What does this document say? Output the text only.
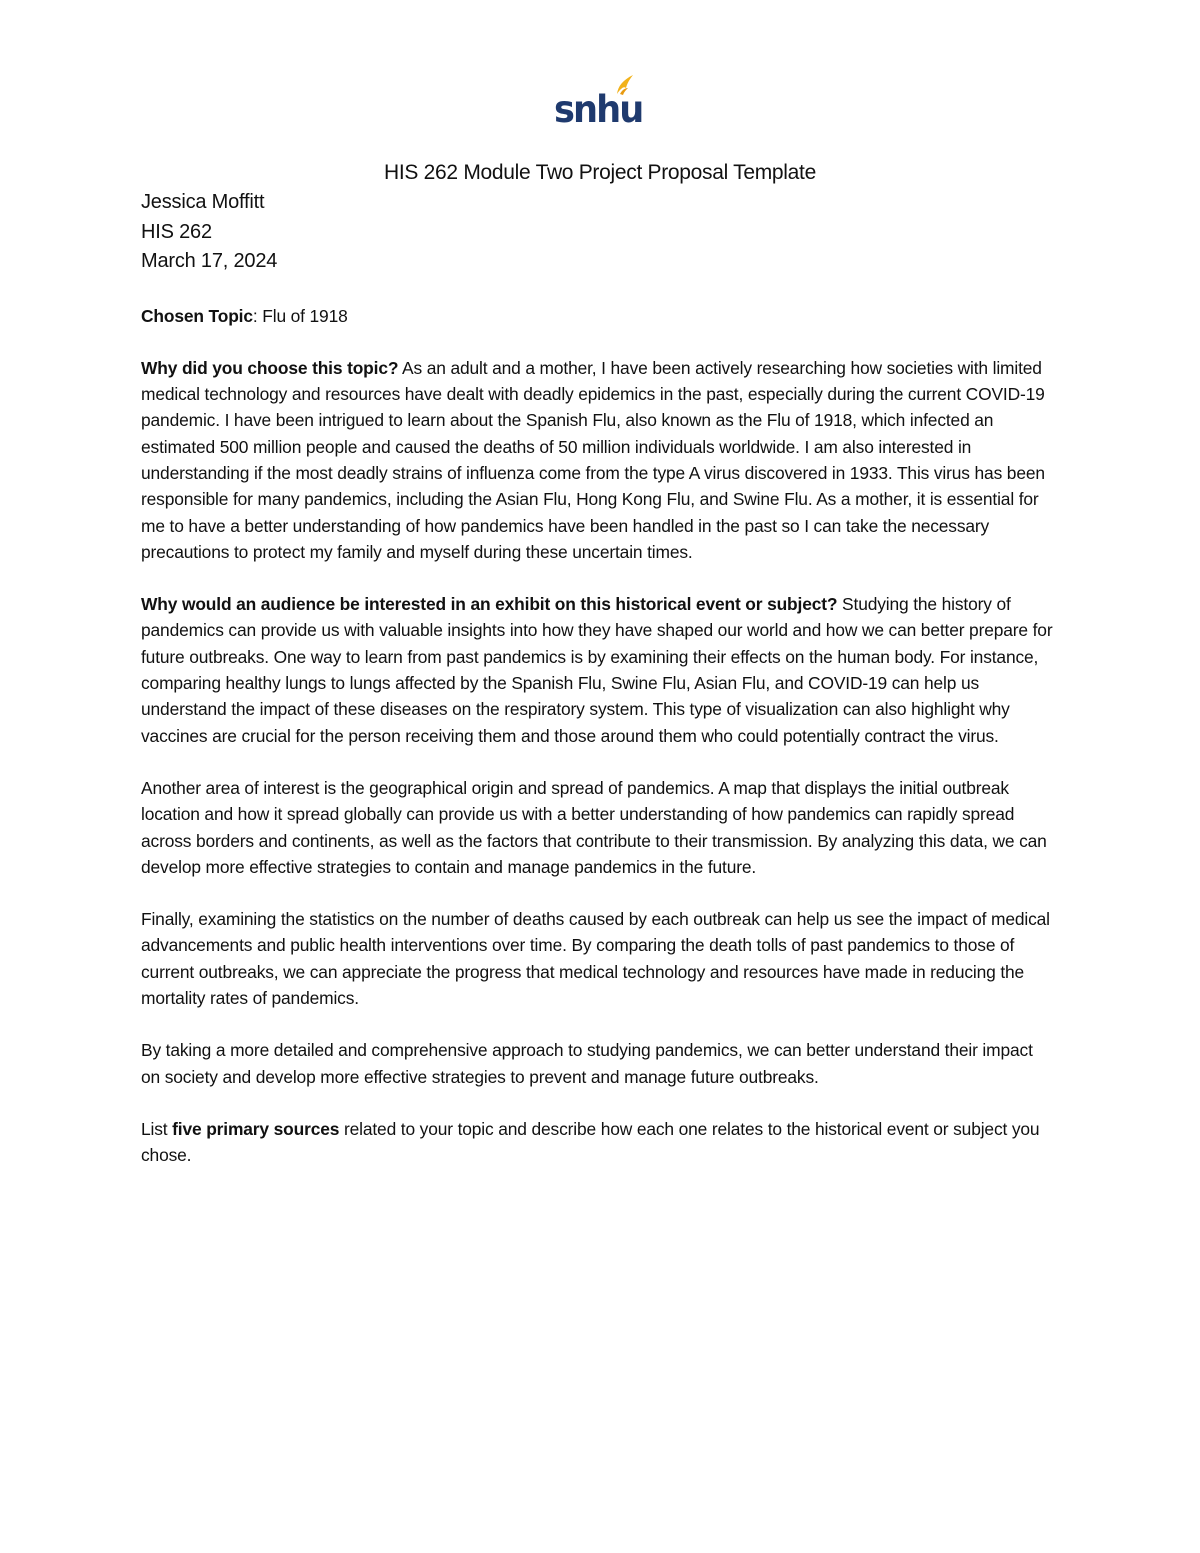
snhu
HIS 262 Module Two Project Proposal Template
Jessica Moffitt
HIS 262
March 17, 2024

Chosen Topic: Flu of 1918

Why did you choose this topic? As an adult and a mother, I have been actively researching how societies with limited medical technology and resources have dealt with deadly epidemics in the past, especially during the current COVID-19 pandemic. I have been intrigued to learn about the Spanish Flu, also known as the Flu of 1918, which infected an estimated 500 million people and caused the deaths of 50 million individuals worldwide. I am also interested in understanding if the most deadly strains of influenza come from the type A virus discovered in 1933. This virus has been responsible for many pandemics, including the Asian Flu, Hong Kong Flu, and Swine Flu. As a mother, it is essential for me to have a better understanding of how pandemics have been handled in the past so I can take the necessary precautions to protect my family and myself during these uncertain times.

Why would an audience be interested in an exhibit on this historical event or subject? Studying the history of pandemics can provide us with valuable insights into how they have shaped our world and how we can better prepare for future outbreaks. One way to learn from past pandemics is by examining their effects on the human body. For instance, comparing healthy lungs to lungs affected by the Spanish Flu, Swine Flu, Asian Flu, and COVID-19 can help us understand the impact of these diseases on the respiratory system. This type of visualization can also highlight why vaccines are crucial for the person receiving them and those around them who could potentially contract the virus.

Another area of interest is the geographical origin and spread of pandemics. A map that displays the initial outbreak location and how it spread globally can provide us with a better understanding of how pandemics can rapidly spread across borders and continents, as well as the factors that contribute to their transmission. By analyzing this data, we can develop more effective strategies to contain and manage pandemics in the future.

Finally, examining the statistics on the number of deaths caused by each outbreak can help us see the impact of medical advancements and public health interventions over time. By comparing the death tolls of past pandemics to those of current outbreaks, we can appreciate the progress that medical technology and resources have made in reducing the mortality rates of pandemics.

By taking a more detailed and comprehensive approach to studying pandemics, we can better understand their impact on society and develop more effective strategies to prevent and manage future outbreaks.

List five primary sources related to your topic and describe how each one relates to the historical event or subject you chose.
